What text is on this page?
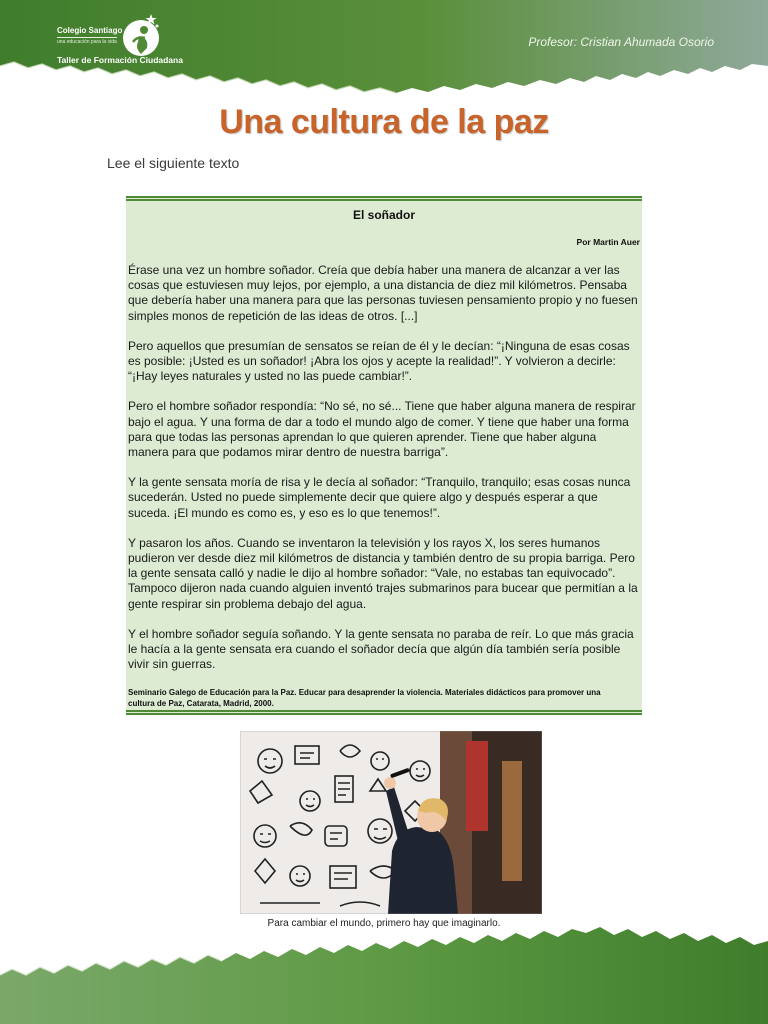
Colegio Santiago
una educación para la vida
Taller de Formación Ciudadana
Profesor: Cristian Ahumada Osorio
Una cultura de la paz
Lee el siguiente texto
El soñador
Por Martin Auer

Érase una vez un hombre soñador. Creía que debía haber una manera de alcanzar a ver las cosas que estuviesen muy lejos, por ejemplo, a una distancia de diez mil kilómetros. Pensaba que debería haber una manera para que las personas tuviesen pensamiento propio y no fuesen simples monos de repetición de las ideas de otros. [...]

Pero aquellos que presumían de sensatos se reían de él y le decían: “¡Ninguna de esas cosas es posible: ¡Usted es un soñador! ¡Abra los ojos y acepte la realidad!”. Y volvieron a decirle: “¡Hay leyes naturales y usted no las puede cambiar!”.

Pero el hombre soñador respondía: “No sé, no sé... Tiene que haber alguna manera de respirar bajo el agua. Y una forma de dar a todo el mundo algo de comer. Y tiene que haber una forma para que todas las personas aprendan lo que quieren aprender. Tiene que haber alguna manera para que podamos mirar dentro de nuestra barriga”.

Y la gente sensata moría de risa y le decía al soñador: “Tranquilo, tranquilo; esas cosas nunca sucederán. Usted no puede simplemente decir que quiere algo y después esperar a que suceda. ¡El mundo es como es, y eso es lo que tenemos!”.

Y pasaron los años. Cuando se inventaron la televisión y los rayos X, los seres humanos pudieron ver desde diez mil kilómetros de distancia y también dentro de su propia barriga. Pero la gente sensata calló y nadie le dijo al hombre soñador: “Vale, no estabas tan equivocado”. Tampoco dijeron nada cuando alguien inventó trajes submarinos para bucear que permitían a la gente respirar sin problema debajo del agua.

Y el hombre soñador seguía soñando. Y la gente sensata no paraba de reír. Lo que más gracia le hacía a la gente sensata era cuando el soñador decía que algún día también sería posible vivir sin guerras.

Seminario Galego de Educación para la Paz. Educar para desaprender la violencia. Materiales didácticos para promover una cultura de Paz, Catarata, Madrid, 2000.
Para cambiar el mundo, primero hay que imaginarlo.
